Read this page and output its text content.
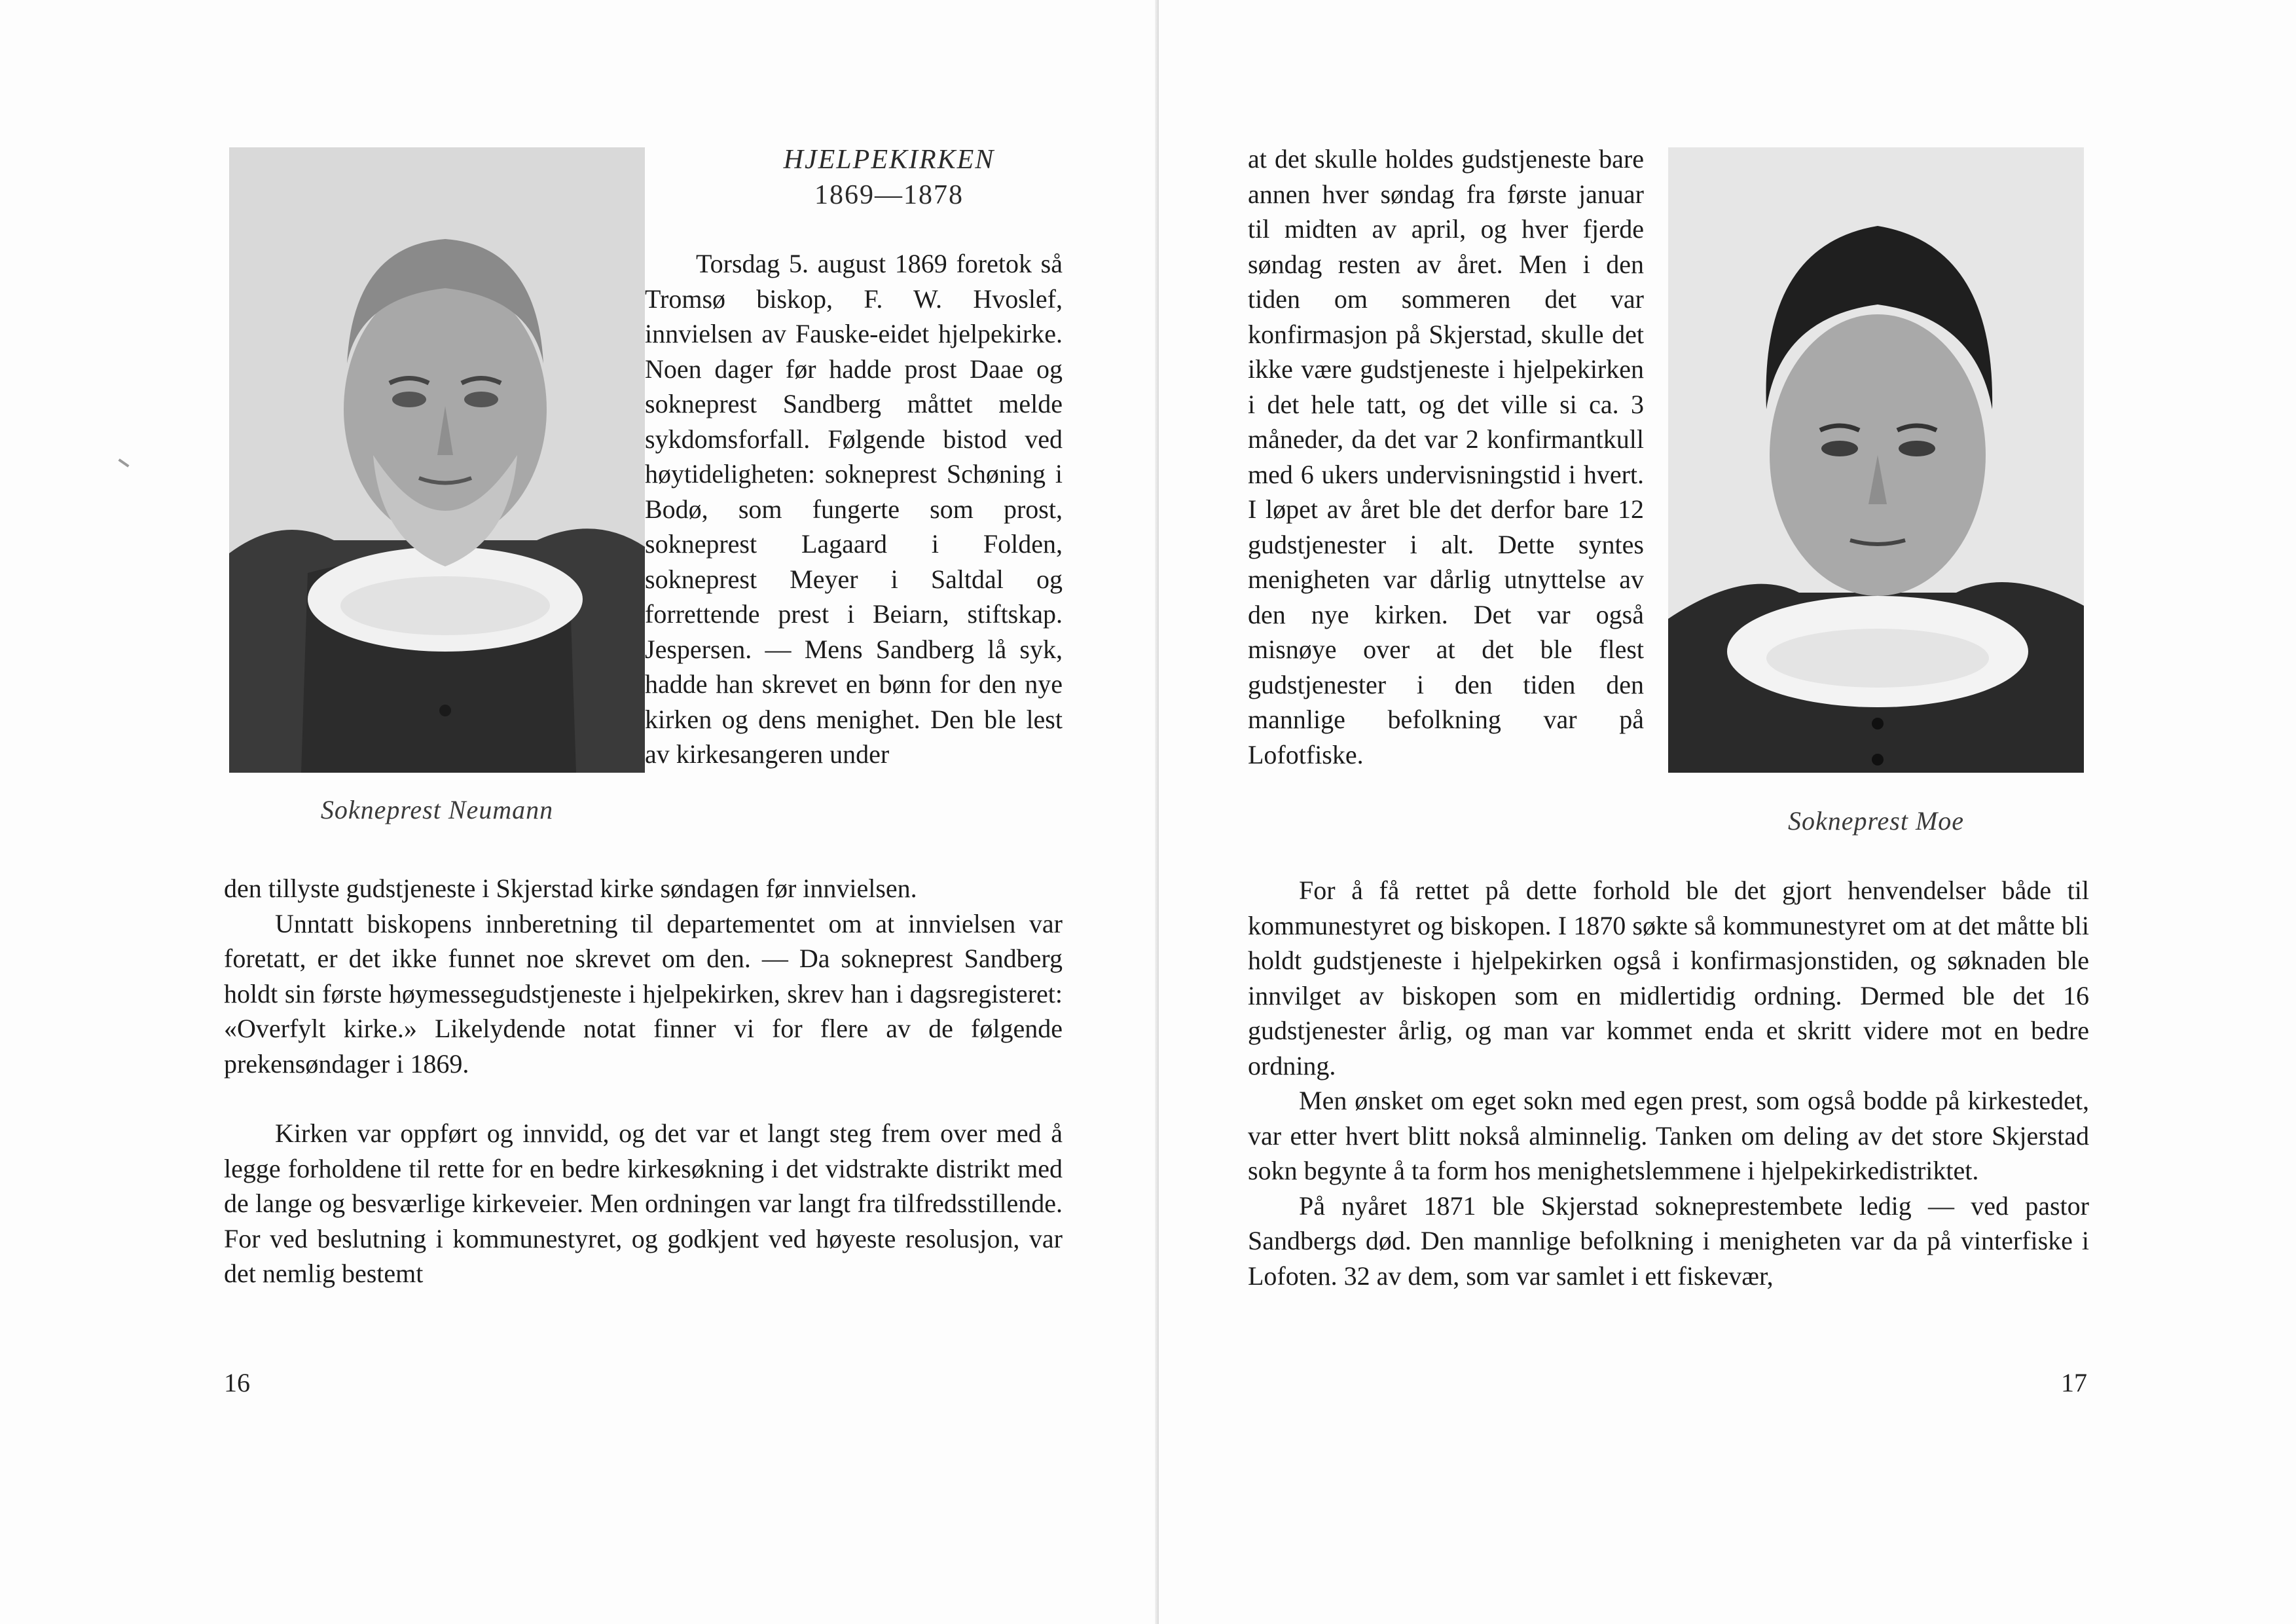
Sokneprest Neumann
HJELPEKIRKEN
1869—1878

Torsdag 5. august 1869 foretok så Tromsø biskop, F. W. Hvoslef, innvielsen av Fauske-eidet hjelpekirke. Noen dager før hadde prost Daae og sokneprest Sandberg måttet melde sykdomsforfall. Følgende bistod ved høytideligheten: sokneprest Schøning i Bodø, som fungerte som prost, sokneprest Lagaard i Folden, sokneprest Meyer i Saltdal og forrettende prest i Beiarn, stiftskap. Jespersen. — Mens Sandberg lå syk, hadde han skrevet en bønn for den nye kirken og dens menighet. Den ble lest av kirkesangeren under

den tillyste gudstjeneste i Skjerstad kirke søndagen før innvielsen.

Unntatt biskopens innberetning til departementet om at innvielsen var foretatt, er det ikke funnet noe skrevet om den. — Da sokneprest Sandberg holdt sin første høymessegudstjeneste i hjelpekirken, skrev han i dagsregisteret: «Overfylt kirke.» Likelydende notat finner vi for flere av de følgende prekensøndager i 1869.

Kirken var oppført og innvidd, og det var et langt steg frem over med å legge forholdene til rette for en bedre kirkesøkning i det vidstrakte distrikt med de lange og besværlige kirkeveier. Men ordningen var langt fra tilfredsstillende. For ved beslutning i kommunestyret, og godkjent ved høyeste resolusjon, var det nemlig bestemt

16
Sokneprest Moe

at det skulle holdes gudstjeneste bare annen hver søndag fra første januar til midten av april, og hver fjerde søndag resten av året. Men i den tiden om sommeren det var konfirmasjon på Skjerstad, skulle det ikke være gudstjeneste i hjelpekirken i det hele tatt, og det ville si ca. 3 måneder, da det var 2 konfirmantkull med 6 ukers undervisningstid i hvert. I løpet av året ble det derfor bare 12 gudstjenester i alt. Dette syntes menigheten var dårlig utnyttelse av den nye kirken. Det var også misnøye over at det ble flest gudstjenester i den tiden den mannlige befolkning var på Lofotfiske.

For å få rettet på dette forhold ble det gjort henvendelser både til kommunestyret og biskopen. I 1870 søkte så kommunestyret om at det måtte bli holdt gudstjeneste i hjelpekirken også i konfirmasjonstiden, og søknaden ble innvilget av biskopen som en midlertidig ordning. Dermed ble det 16 gudstjenester årlig, og man var kommet enda et skritt videre mot en bedre ordning.

Men ønsket om eget sokn med egen prest, som også bodde på kirkestedet, var etter hvert blitt nokså alminnelig. Tanken om deling av det store Skjerstad sokn begynte å ta form hos menighetslemmene i hjelpekirkedistriktet.

På nyåret 1871 ble Skjerstad sokneprestembete ledig — ved pastor Sandbergs død. Den mannlige befolkning i menigheten var da på vinterfiske i Lofoten. 32 av dem, som var samlet i ett fiskevær,

17
